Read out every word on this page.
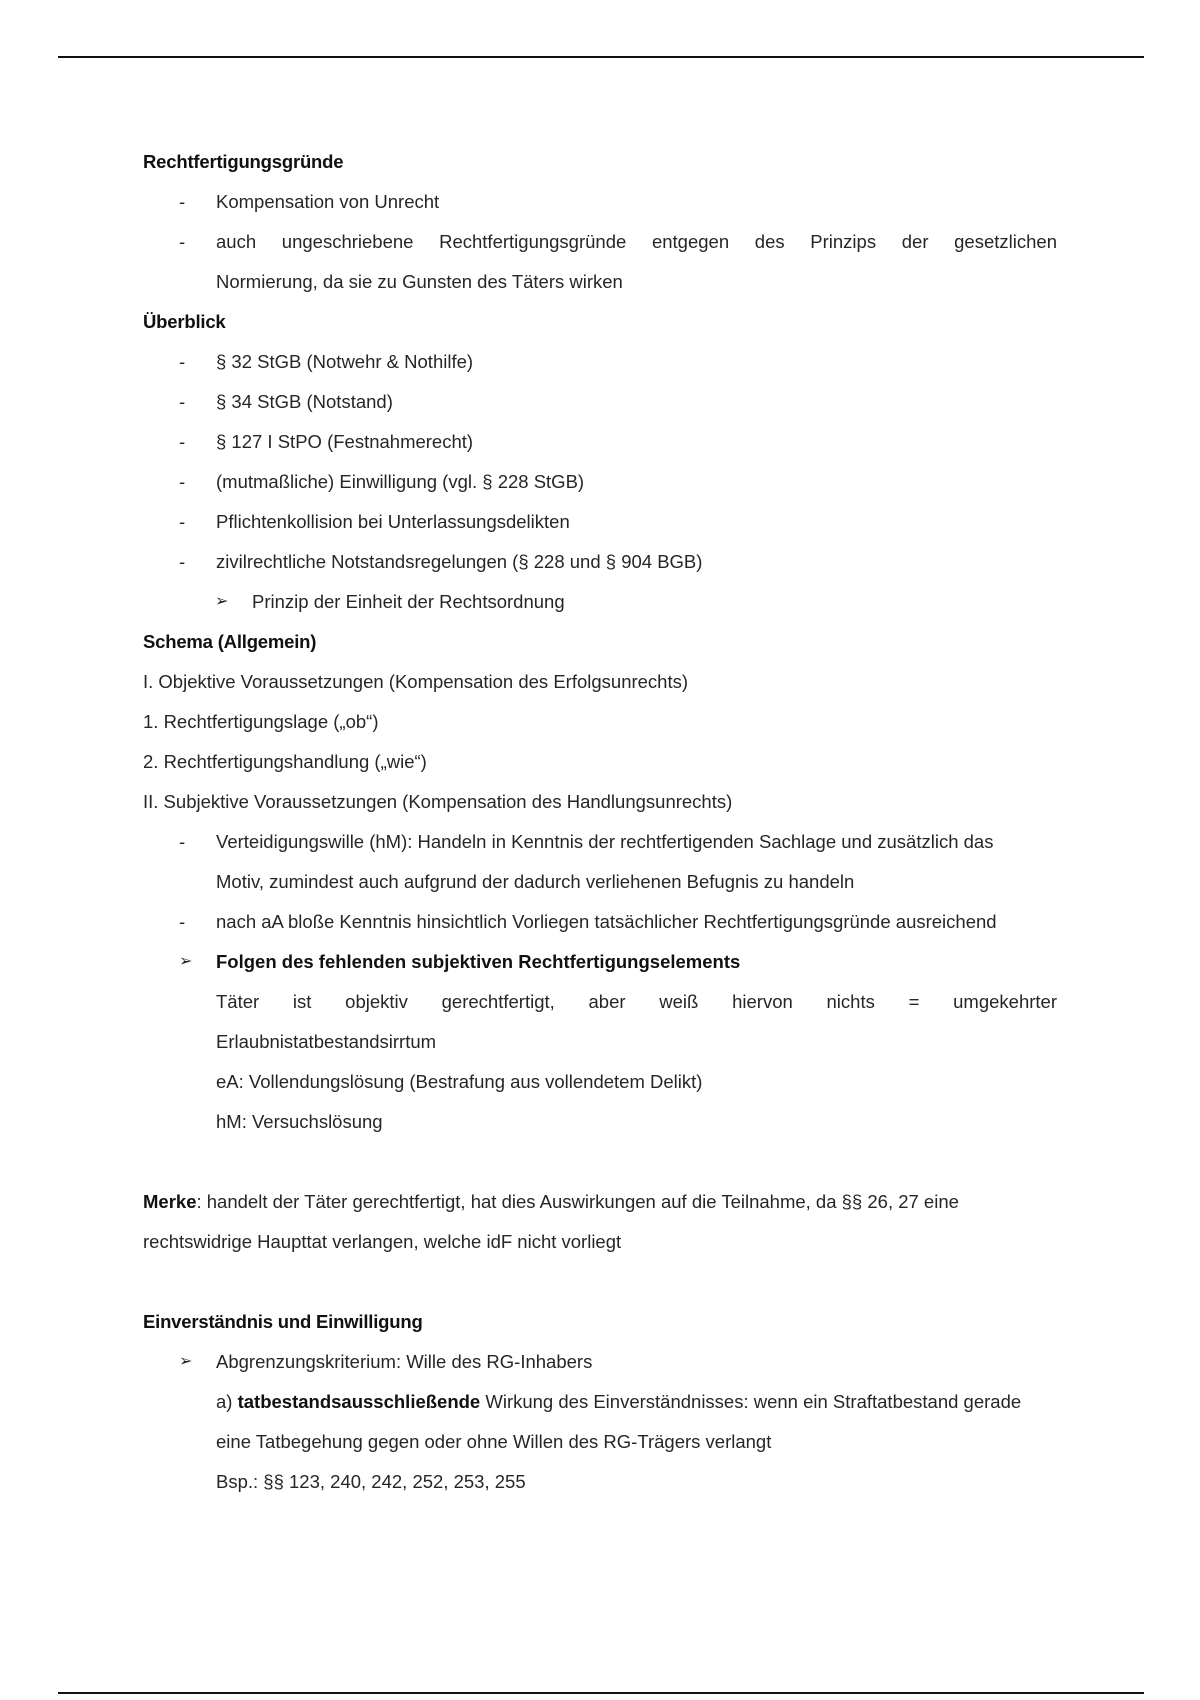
Rechtfertigungsgründe
- Kompensation von Unrecht
- auch ungeschriebene Rechtfertigungsgründe entgegen des Prinzips der gesetzlichen
Normierung, da sie zu Gunsten des Täters wirken
Überblick
- § 32 StGB (Notwehr & Nothilfe)
- § 34 StGB (Notstand)
- § 127 I StPO (Festnahmerecht)
- (mutmaßliche) Einwilligung (vgl. § 228 StGB)
- Pflichtenkollision bei Unterlassungsdelikten
- zivilrechtliche Notstandsregelungen (§ 228 und § 904 BGB)
➢ Prinzip der Einheit der Rechtsordnung
Schema (Allgemein)
I. Objektive Voraussetzungen (Kompensation des Erfolgsunrechts)
1. Rechtfertigungslage („ob“)
2. Rechtfertigungshandlung („wie“)
II. Subjektive Voraussetzungen (Kompensation des Handlungsunrechts)
- Verteidigungswille (hM): Handeln in Kenntnis der rechtfertigenden Sachlage und zusätzlich das
Motiv, zumindest auch aufgrund der dadurch verliehenen Befugnis zu handeln
- nach aA bloße Kenntnis hinsichtlich Vorliegen tatsächlicher Rechtfertigungsgründe ausreichend
➢ Folgen des fehlenden subjektiven Rechtfertigungselements
Täter ist objektiv gerechtfertigt, aber weiß hiervon nichts = umgekehrter
Erlaubnistatbestandsirrtum
eA: Vollendungslösung (Bestrafung aus vollendetem Delikt)
hM: Versuchslösung
Merke: handelt der Täter gerechtfertigt, hat dies Auswirkungen auf die Teilnahme, da §§ 26, 27 eine
rechtswidrige Haupttat verlangen, welche idF nicht vorliegt
Einverständnis und Einwilligung
➢ Abgrenzungskriterium: Wille des RG-Inhabers
a) tatbestandsausschließende Wirkung des Einverständnisses: wenn ein Straftatbestand gerade
eine Tatbegehung gegen oder ohne Willen des RG-Trägers verlangt
Bsp.: §§ 123, 240, 242, 252, 253, 255
